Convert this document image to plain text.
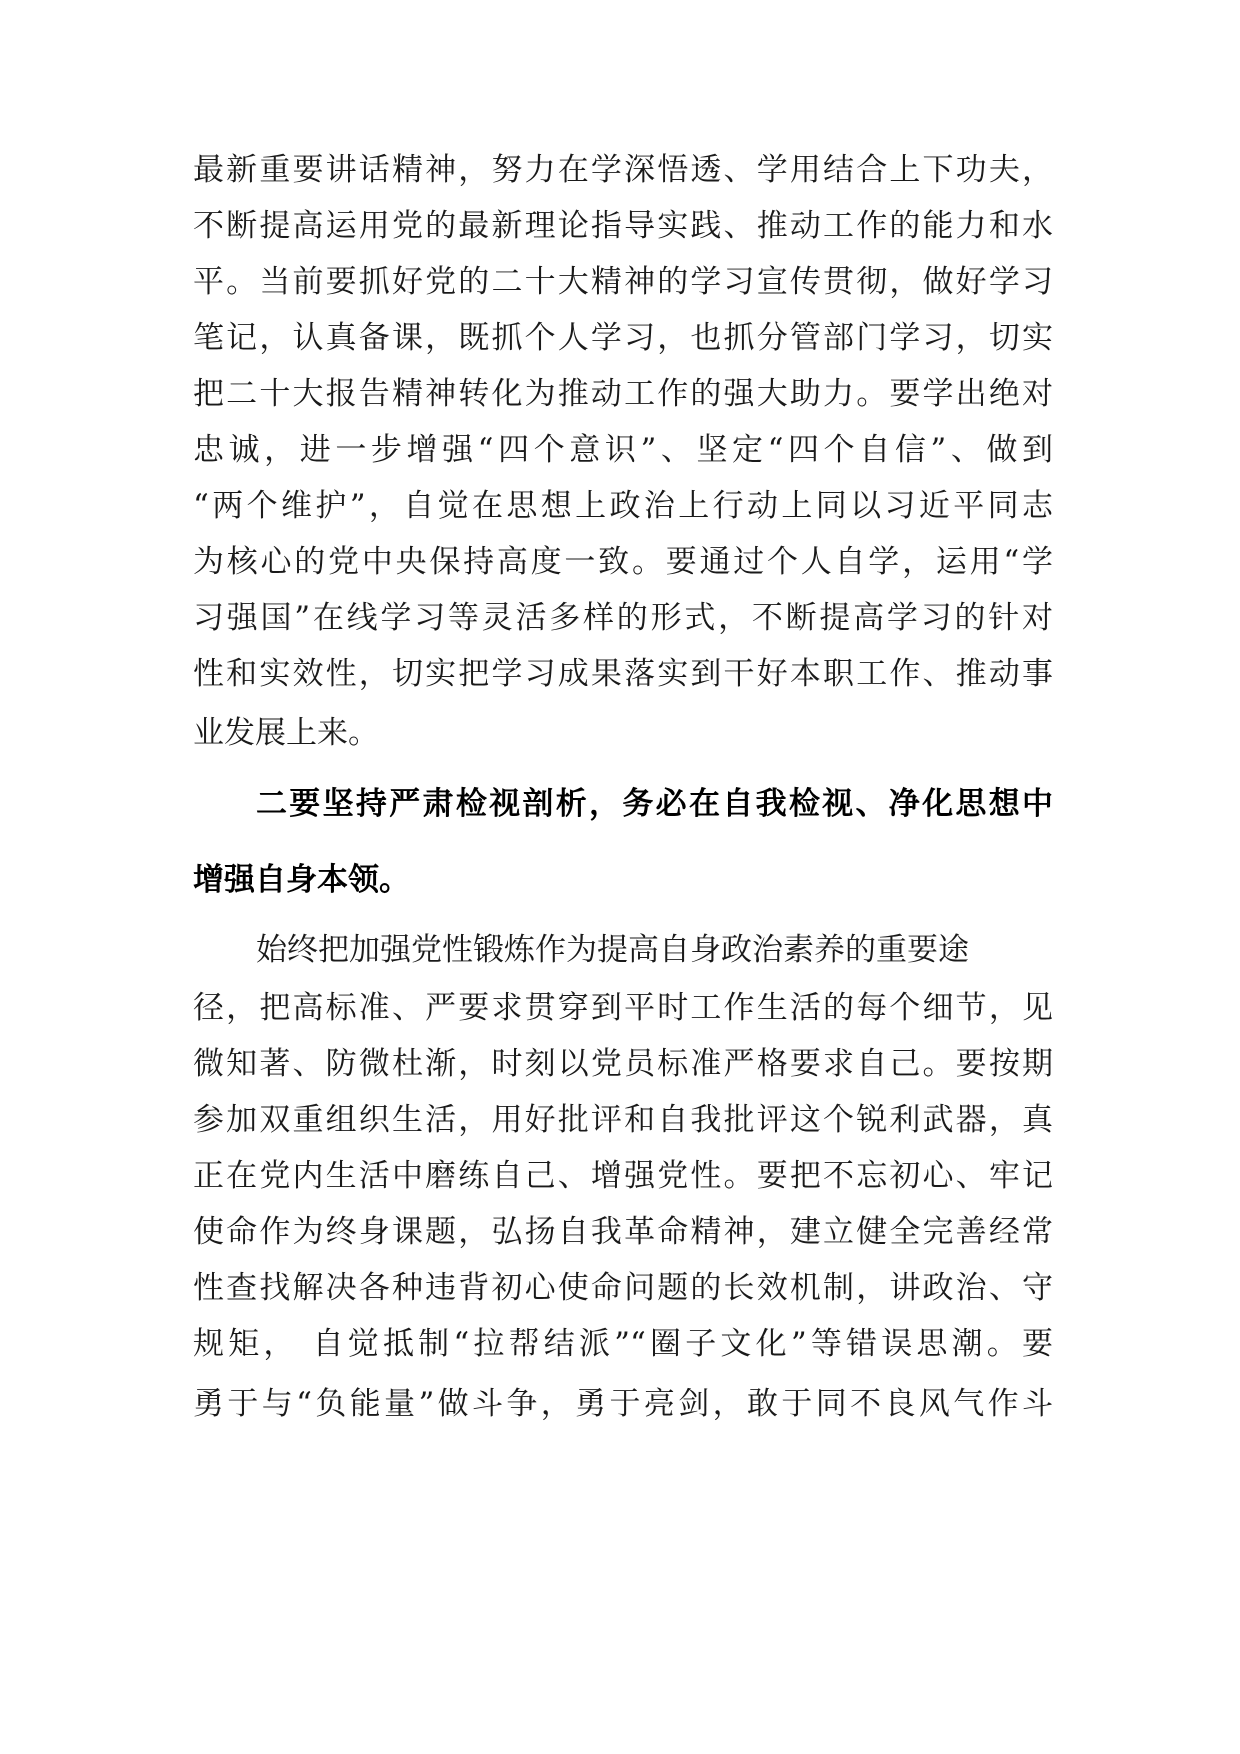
最新重要讲话精神，努力在学深悟透、学用结合上下功夫，
不断提高运用党的最新理论指导实践、推动工作的能力和水
平。当前要抓好党的二十大精神的学习宣传贯彻，做好学习
笔记，认真备课，既抓个人学习，也抓分管部门学习，切实
把二十大报告精神转化为推动工作的强大助力。要学出绝对
忠诚，进一步增强“四个意识”、坚定“四个自信”、做到
“两个维护”，自觉在思想上政治上行动上同以习近平同志
为核心的党中央保持高度一致。要通过个人自学，运用“学
习强国”在线学习等灵活多样的形式，不断提高学习的针对
性和实效性，切实把学习成果落实到干好本职工作、推动事
业发展上来。
二要坚持严肃检视剖析，务必在自我检视、净化思想中
增强自身本领。
始终把加强党性锻炼作为提高自身政治素养的重要途
径，把高标准、严要求贯穿到平时工作生活的每个细节，见
微知著、防微杜渐，时刻以党员标准严格要求自己。要按期
参加双重组织生活，用好批评和自我批评这个锐利武器，真
正在党内生活中磨练自己、增强党性。要把不忘初心、牢记
使命作为终身课题，弘扬自我革命精神，建立健全完善经常
性查找解决各种违背初心使命问题的长效机制，讲政治、守
规矩， 自觉抵制“拉帮结派”“圈子文化”等错误思潮。要
勇于与“负能量”做斗争，勇于亮剑，敢于同不良风气作斗
